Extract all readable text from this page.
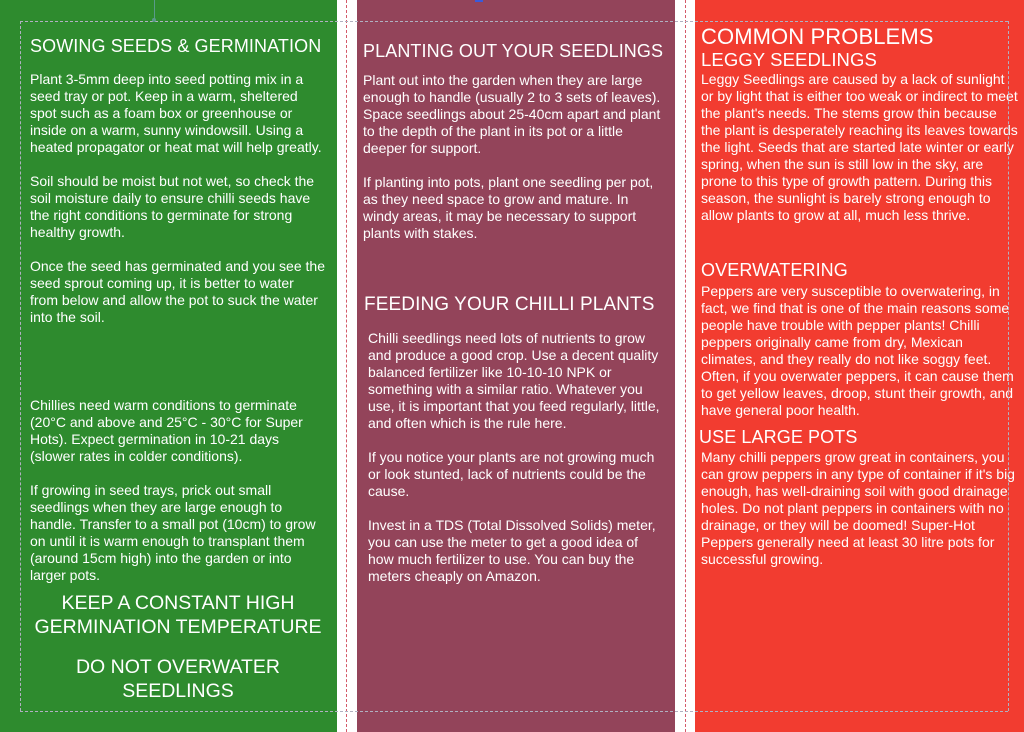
SOWING SEEDS & GERMINATION

Plant 3-5mm deep into seed potting mix in a seed tray or pot. Keep in a warm, sheltered spot such as a foam box or greenhouse or inside on a warm, sunny windowsill. Using a heated propagator or heat mat will help greatly.

Soil should be moist but not wet, so check the soil moisture daily to ensure chilli seeds have the right conditions to germinate for strong healthy growth.

Once the seed has germinated and you see the seed sprout coming up, it is better to water from below and allow the pot to suck the water into the soil.

Chillies need warm conditions to germinate (20°C and above and 25°C - 30°C for Super Hots). Expect germination in 10-21 days (slower rates in colder conditions).

If growing in seed trays, prick out small seedlings when they are large enough to handle. Transfer to a small pot (10cm) to grow on until it is warm enough to transplant them (around 15cm high) into the garden or into larger pots.

KEEP A CONSTANT HIGH GERMINATION TEMPERATURE
DO NOT OVERWATER SEEDLINGS
PLANTING OUT YOUR SEEDLINGS

Plant out into the garden when they are large enough to handle (usually 2 to 3 sets of leaves). Space seedlings about 25-40cm apart and plant to the depth of the plant in its pot or a little deeper for support.

If planting into pots, plant one seedling per pot, as they need space to grow and mature. In windy areas, it may be necessary to support plants with stakes.

FEEDING YOUR CHILLI PLANTS

Chilli seedlings need lots of nutrients to grow and produce a good crop. Use a decent quality balanced fertilizer like 10-10-10 NPK or something with a similar ratio. Whatever you use, it is important that you feed regularly, little, and often which is the rule here.

If you notice your plants are not growing much or look stunted, lack of nutrients could be the cause.

Invest in a TDS (Total Dissolved Solids) meter, you can use the meter to get a good idea of how much fertilizer to use. You can buy the meters cheaply on Amazon.

COMMON PROBLEMS
LEGGY SEEDLINGS

Leggy Seedlings are caused by a lack of sunlight or by light that is either too weak or indirect to meet the plant's needs. The stems grow thin because the plant is desperately reaching its leaves towards the light. Seeds that are started late winter or early spring, when the sun is still low in the sky, are prone to this type of growth pattern. During this season, the sunlight is barely strong enough to allow plants to grow at all, much less thrive.

OVERWATERING

Peppers are very susceptible to overwatering, in fact, we find that is one of the main reasons some people have trouble with pepper plants! Chilli peppers originally came from dry, Mexican climates, and they really do not like soggy feet. Often, if you overwater peppers, it can cause them to get yellow leaves, droop, stunt their growth, and have general poor health.

USE LARGE POTS

Many chilli peppers grow great in containers, you can grow peppers in any type of container if it's big enough, has well-draining soil with good drainage holes. Do not plant peppers in containers with no drainage, or they will be doomed! Super-Hot Peppers generally need at least 30 litre pots for successful growing.
